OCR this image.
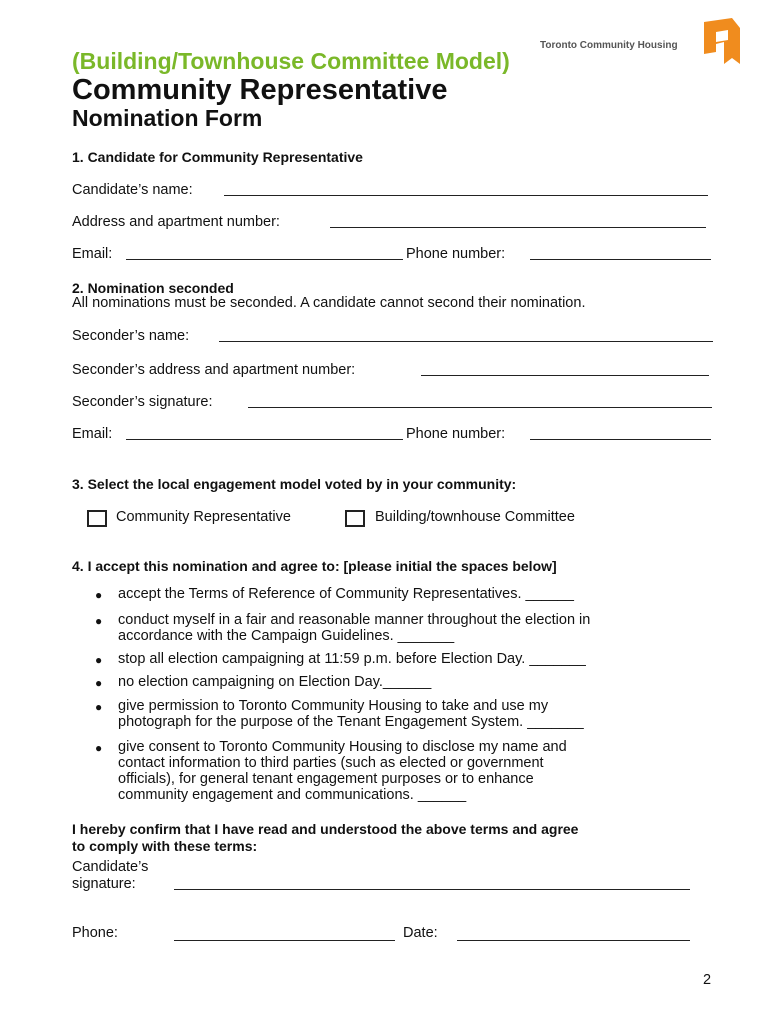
(Building/Townhouse Committee Model)
Community Representative
Nomination Form
Toronto Community Housing
1. Candidate for Community Representative
Candidate’s name:
Address and apartment number:
Email:	Phone number:
2. Nomination seconded
All nominations must be seconded. A candidate cannot second their nomination.
Seconder’s name:
Seconder’s address and apartment number:
Seconder’s signature:
Email:	Phone number:
3. Select the local engagement model voted by in your community:
Community Representative	Building/townhouse Committee
4. I accept this nomination and agree to: [please initial the spaces below]
● accept the Terms of Reference of Community Representatives. ______
● conduct myself in a fair and reasonable manner throughout the election in
accordance with the Campaign Guidelines. _______
● stop all election campaigning at 11:59 p.m. before Election Day. _______
● no election campaigning on Election Day.______
● give permission to Toronto Community Housing to take and use my
photograph for the purpose of the Tenant Engagement System. _______
● give consent to Toronto Community Housing to disclose my name and
contact information to third parties (such as elected or government
officials), for general tenant engagement purposes or to enhance
community engagement and communications. ______
I hereby confirm that I have read and understood the above terms and agree
to comply with these terms:
Candidate’s
signature:
Phone:	Date:
2
